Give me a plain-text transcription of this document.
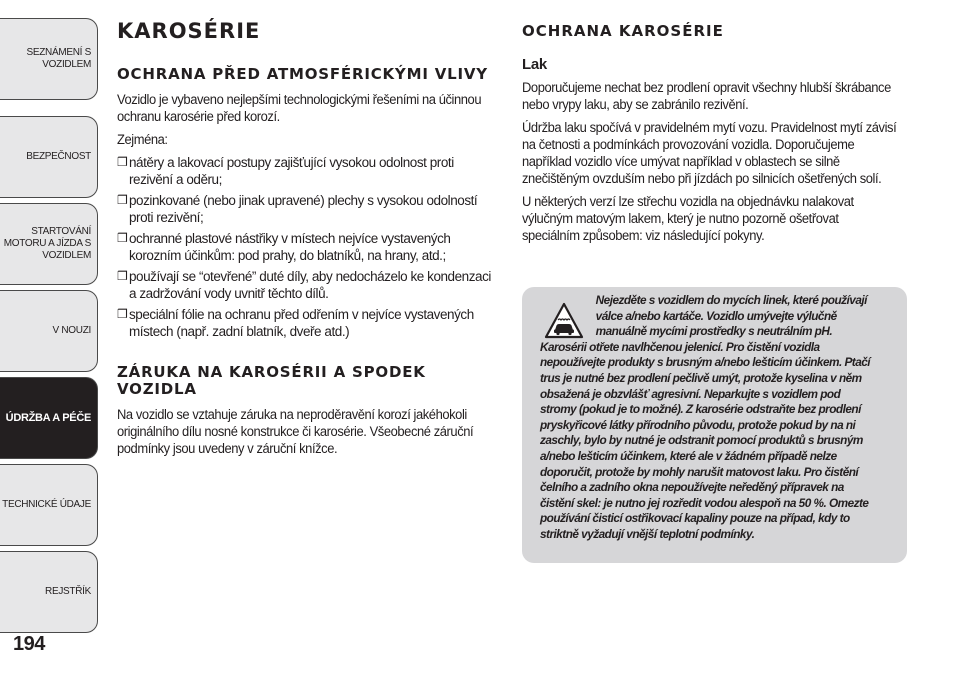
SEZNÁMENÍ S
VOZIDLEM
BEZPEČNOST
STARTOVÁNÍ
MOTORU A JÍZDA S
VOZIDLEM
V NOUZI
ÚDRŽBA A PÉČE
TECHNICKÉ ÚDAJE
REJSTŘÍK
194
KAROSÉRIE
OCHRANA PŘED ATMOSFÉRICKÝMI VLIVY

Vozidlo je vybaveno nejlepšími technologickými řešeními na účinnou ochranu karosérie před korozí.

Zejména:

❒ nátěry a lakovací postupy zajišťující vysokou odolnost proti rezivění a oděru;
❒ pozinkované (nebo jinak upravené) plechy s vysokou odolností proti rezivění;
❒ ochranné plastové nástřiky v místech nejvíce vystavených korozním účinkům: pod prahy, do blatníků, na hrany, atd.;
❒ používají se “otevřené” duté díly, aby nedocházelo ke kondenzaci a zadržování vody uvnitř těchto dílů.
❒ speciální fólie na ochranu před odřením v nejvíce vystavených místech (např. zadní blatník, dveře atd.)
ZÁRUKA NA KAROSÉRII A SPODEK VOZIDLA

Na vozidlo se vztahuje záruka na neproděravění korozí jakéhokoli originálního dílu nosné konstrukce či karosérie. Všeobecné záruční podmínky jsou uvedeny v záruční knížce.

OCHRANA KAROSÉRIE
Lak

Doporučujeme nechat bez prodlení opravit všechny hlubší škrábance nebo vrypy laku, aby se zabránilo rezivění.

Údržba laku spočívá v pravidelném mytí vozu. Pravidelnost mytí závisí na četnosti a podmínkách provozování vozidla. Doporučujeme například vozidlo více umývat například v oblastech se silně znečištěným ovzduším nebo při jízdách po silnicích ošetřených solí.

U některých verzí lze střechu vozidla na objednávku nalakovat výlučným matovým lakem, který je nutno pozorně ošetřovat speciálním způsobem: viz následující pokyny.

Nejezděte s vozidlem do mycích linek, které používají válce a/nebo kartáče. Vozidlo umývejte výlučně manuálně mycími prostředky s neutrálním pH.
Karosérii otřete navlhčenou jelenicí. Pro čistění vozidla nepoužívejte produkty s brusným a/nebo lešticím účinkem. Ptačí trus je nutné bez prodlení pečlivě umýt, protože kyselina v něm obsažená je obzvlášť agresivní. Neparkujte s vozidlem pod stromy (pokud je to možné). Z karosérie odstraňte bez prodlení pryskyřicové látky přírodního původu, protože pokud by na ni zaschly, bylo by nutné je odstranit pomocí produktů s brusným a/nebo lešticím účinkem, které ale v žádném případě nelze doporučit, protože by mohly narušit matovost laku. Pro čistění čelního a zadního okna nepoužívejte neředěný přípravek na čistění skel: je nutno jej rozředit vodou alespoň na 50 %. Omezte používání čisticí ostřikovací kapaliny pouze na případ, kdy to striktně vyžadují vnější teplotní podmínky.
